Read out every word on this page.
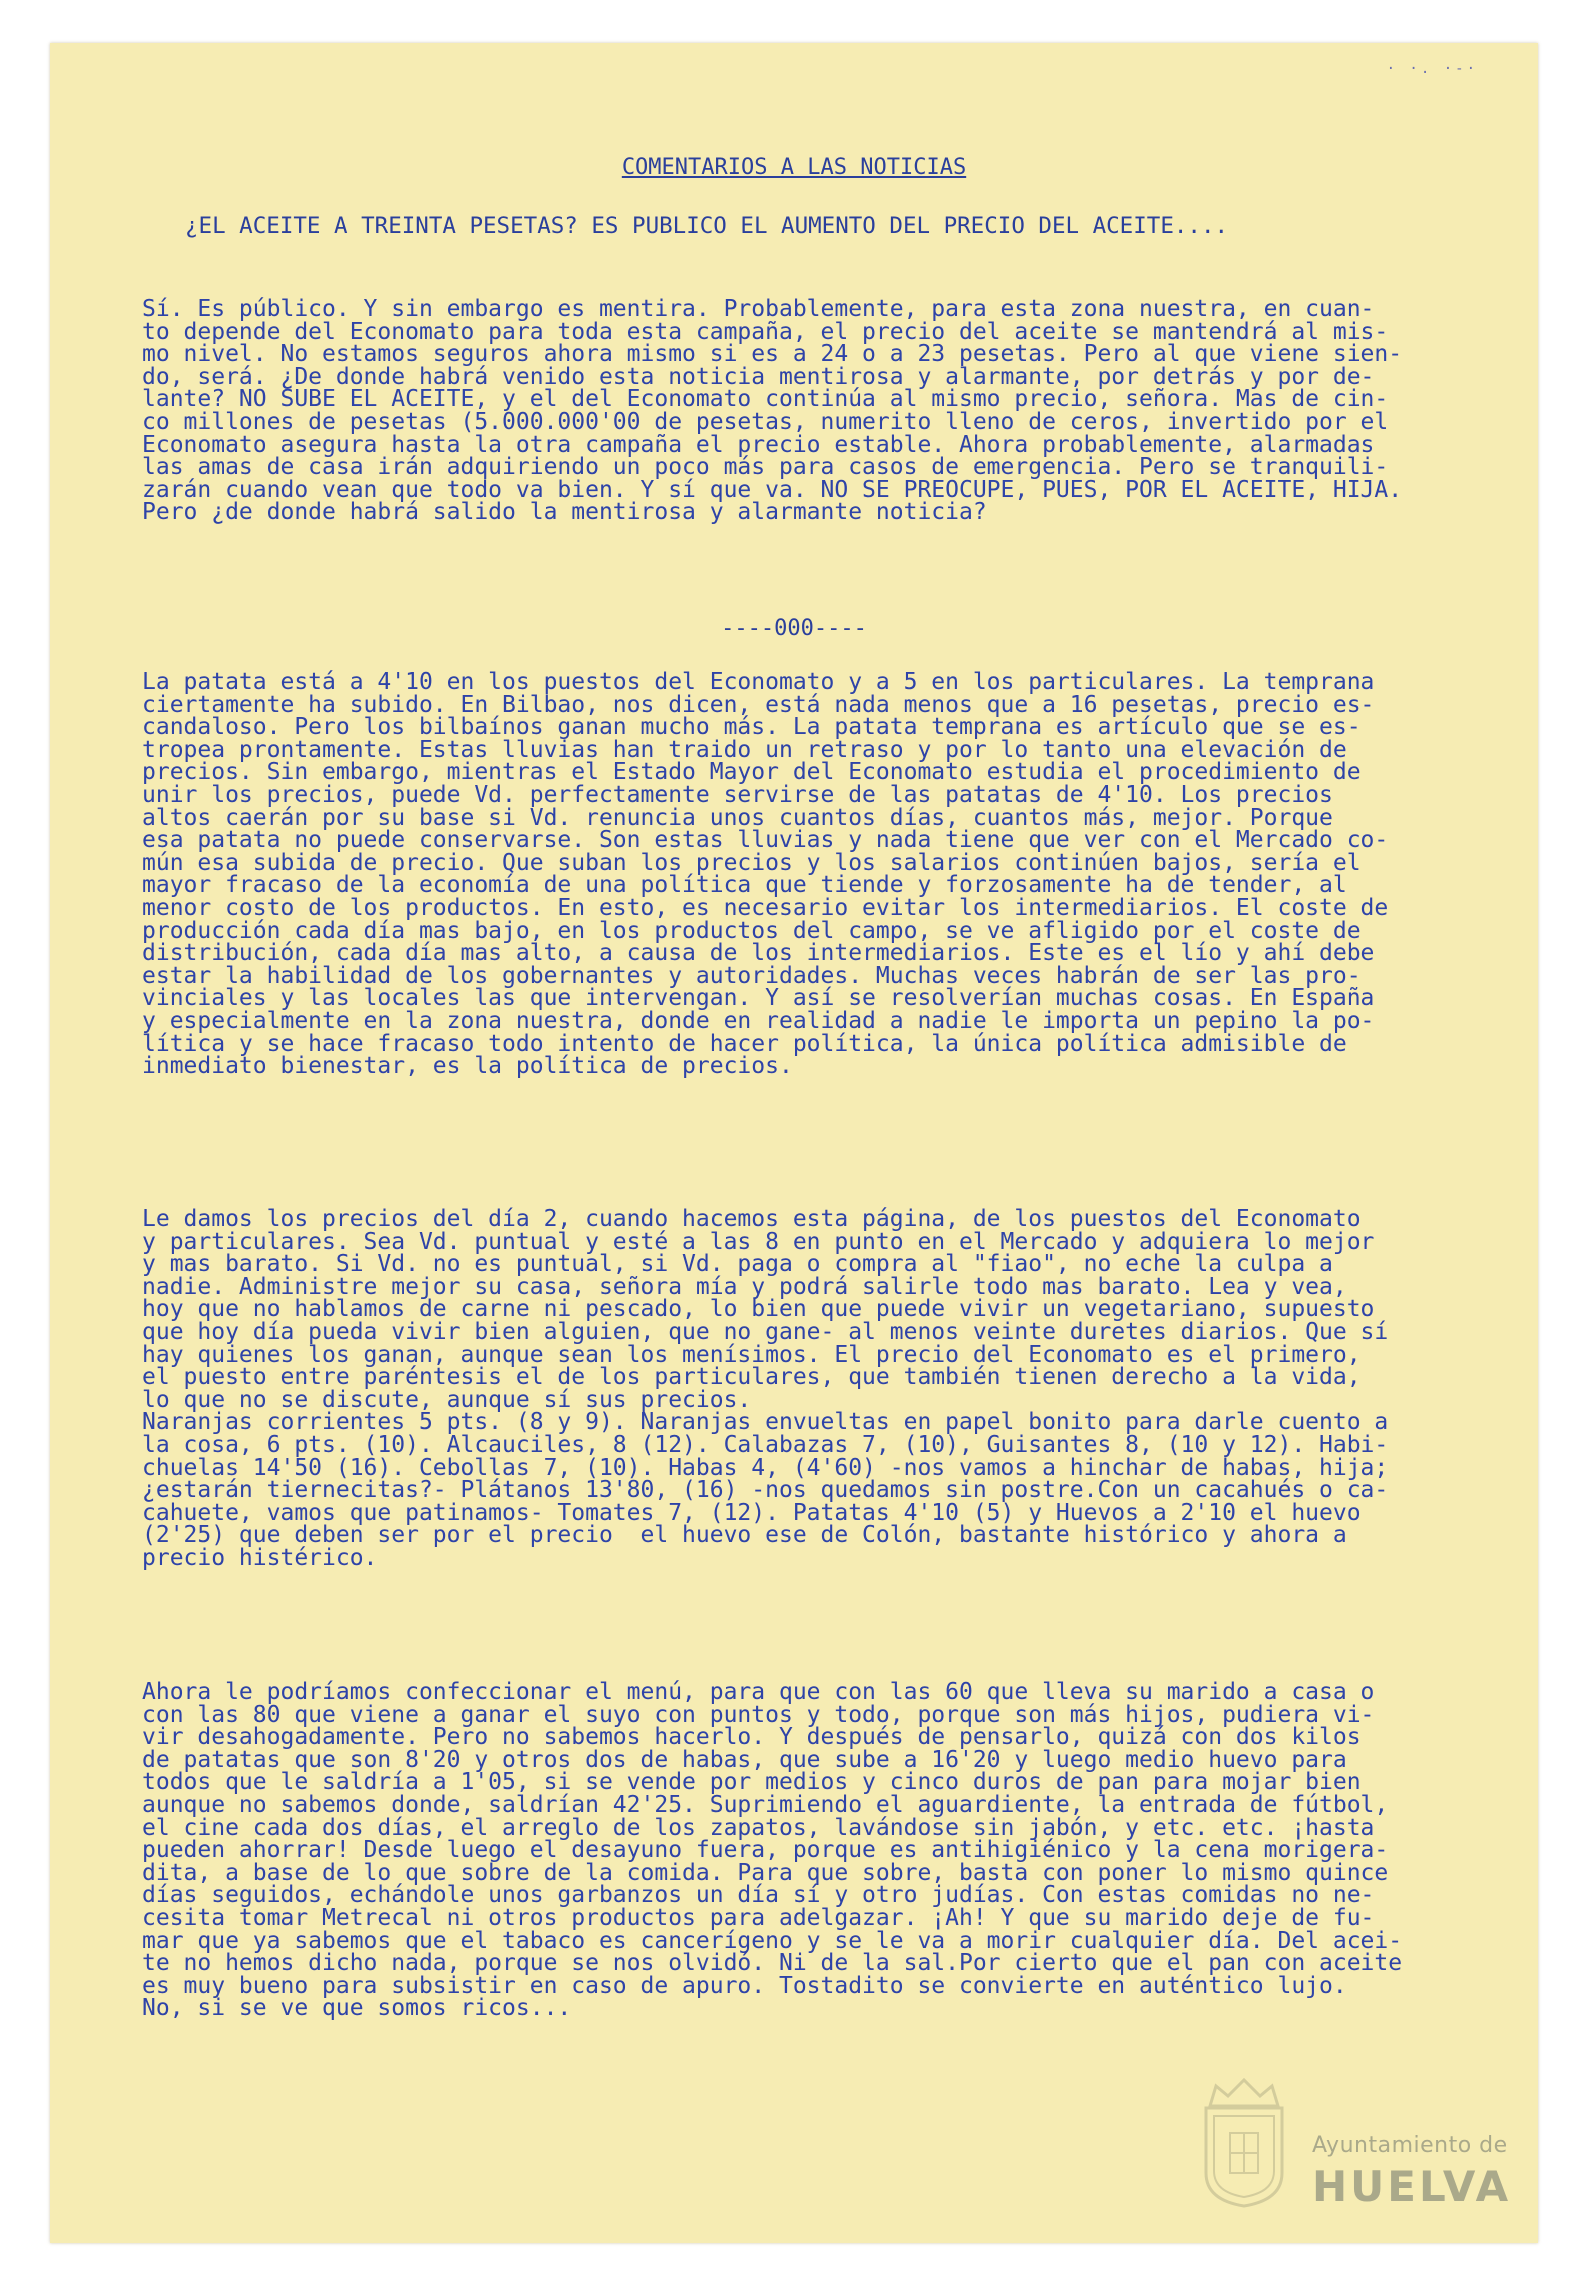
· ·. ·-·
COMENTARIOS A LAS NOTICIAS
¿EL ACEITE A TREINTA PESETAS? ES PUBLICO EL AUMENTO DEL PRECIO DEL ACEITE....

Sí. Es público. Y sin embargo es mentira. Probablemente, para esta zona nuestra, en cuan-
to depende del Economato para toda esta campaña, el precio del aceite se mantendrá al mis-
mo nivel. No estamos seguros ahora mismo si es a 24 o a 23 pesetas. Pero al que viene sien-
do, será. ¿De donde habrá venido esta noticia mentirosa y alarmante, por detrás y por de-
lante? NO SUBE EL ACEITE, y el del Economato continúa al mismo precio, señora. Mas de cin-
co millones de pesetas (5.000.000'00 de pesetas, numerito lleno de ceros, invertido por el
Economato asegura hasta la otra campaña el precio estable. Ahora probablemente, alarmadas
las amas de casa irán adquiriendo un poco más para casos de emergencia. Pero se tranquili-
zarán cuando vean que todo va bien. Y sí que va. NO SE PREOCUPE, PUES, POR EL ACEITE, HIJA.
Pero ¿de donde habrá salido la mentirosa y alarmante noticia?

----000----

La patata está a 4'10 en los puestos del Economato y a 5 en los particulares. La temprana
ciertamente ha subido. En Bilbao, nos dicen, está nada menos que a 16 pesetas, precio es-
candaloso. Pero los bilbaínos ganan mucho más. La patata temprana es artículo que se es-
tropea prontamente. Estas lluvias han traido un retraso y por lo tanto una elevación de
precios. Sin embargo, mientras el Estado Mayor del Economato estudia el procedimiento de
unir los precios, puede Vd. perfectamente servirse de las patatas de 4'10. Los precios
altos caerán por su base si Vd. renuncia unos cuantos días, cuantos más, mejor. Porque
esa patata no puede conservarse. Son estas lluvias y nada tiene que ver con el Mercado co-
mún esa subida de precio. Que suban los precios y los salarios continúen bajos, sería el
mayor fracaso de la economía de una política que tiende y forzosamente ha de tender, al
menor costo de los productos. En esto, es necesario evitar los intermediarios. El coste de
producción cada día mas bajo, en los productos del campo, se ve afligido por el coste de
distribución, cada día mas alto, a causa de los intermediarios. Este es el lío y ahí debe
estar la habilidad de los gobernantes y autoridades. Muchas veces habrán de ser las pro-
vinciales y las locales las que intervengan. Y así se resolverían muchas cosas. En España
y especialmente en la zona nuestra, donde en realidad a nadie le importa un pepino la po-
lítica y se hace fracaso todo intento de hacer política, la única política admisible de
inmediato bienestar, es la política de precios.

Le damos los precios del día 2, cuando hacemos esta página, de los puestos del Economato
y particulares. Sea Vd. puntual y esté a las 8 en punto en el Mercado y adquiera lo mejor
y mas barato. Si Vd. no es puntual, si Vd. paga o compra al "fiao", no eche la culpa a
nadie. Administre mejor su casa, señora mía y podrá salirle todo mas barato. Lea y vea,
hoy que no hablamos de carne ni pescado, lo bien que puede vivir un vegetariano, supuesto
que hoy día pueda vivir bien alguien, que no gane- al menos veinte duretes diarios. Que sí
hay quienes los ganan, aunque sean los menísimos. El precio del Economato es el primero,
el puesto entre paréntesis el de los particulares, que también tienen derecho a la vida,
lo que no se discute, aunque sí sus precios.
Naranjas corrientes 5 pts. (8 y 9). Naranjas envueltas en papel bonito para darle cuento a
la cosa, 6 pts. (10). Alcauciles, 8 (12). Calabazas 7, (10), Guisantes 8, (10 y 12). Habi-
chuelas 14'50 (16). Cebollas 7, (10). Habas 4, (4'60) -nos vamos a hinchar de habas, hija;
¿estarán tiernecitas?- Plátanos 13'80, (16) -nos quedamos sin postre.Con un cacahués o ca-
cahuete, vamos que patinamos- Tomates 7, (12). Patatas 4'10 (5) y Huevos a 2'10 el huevo
(2'25) que deben ser por el precio  el huevo ese de Colón, bastante histórico y ahora a
precio histérico.

Ahora le podríamos confeccionar el menú, para que con las 60 que lleva su marido a casa o
con las 80 que viene a ganar el suyo con puntos y todo, porque son más hijos, pudiera vi-
vir desahogadamente. Pero no sabemos hacerlo. Y después de pensarlo, quizá con dos kilos
de patatas que son 8'20 y otros dos de habas, que sube a 16'20 y luego medio huevo para
todos que le saldría a 1'05, si se vende por medios y cinco duros de pan para mojar bien
aunque no sabemos donde, saldrían 42'25. Suprimiendo el aguardiente, la entrada de fútbol,
el cine cada dos días, el arreglo de los zapatos, lavándose sin jabón, y etc. etc. ¡hasta
pueden ahorrar! Desde luego el desayuno fuera, porque es antihigiénico y la cena morigera-
dita, a base de lo que sobre de la comida. Para que sobre, basta con poner lo mismo quince
días seguidos, echándole unos garbanzos un día sí y otro judías. Con estas comidas no ne-
cesita tomar Metrecal ni otros productos para adelgazar. ¡Ah! Y que su marido deje de fu-
mar que ya sabemos que el tabaco es cancerígeno y se le va a morir cualquier día. Del acei-
te no hemos dicho nada, porque se nos olvidó. Ni de la sal.Por cierto que el pan con aceite
es muy bueno para subsistir en caso de apuro. Tostadito se convierte en auténtico lujo.
No, si se ve que somos ricos...

Ayuntamiento de
HUELVA
